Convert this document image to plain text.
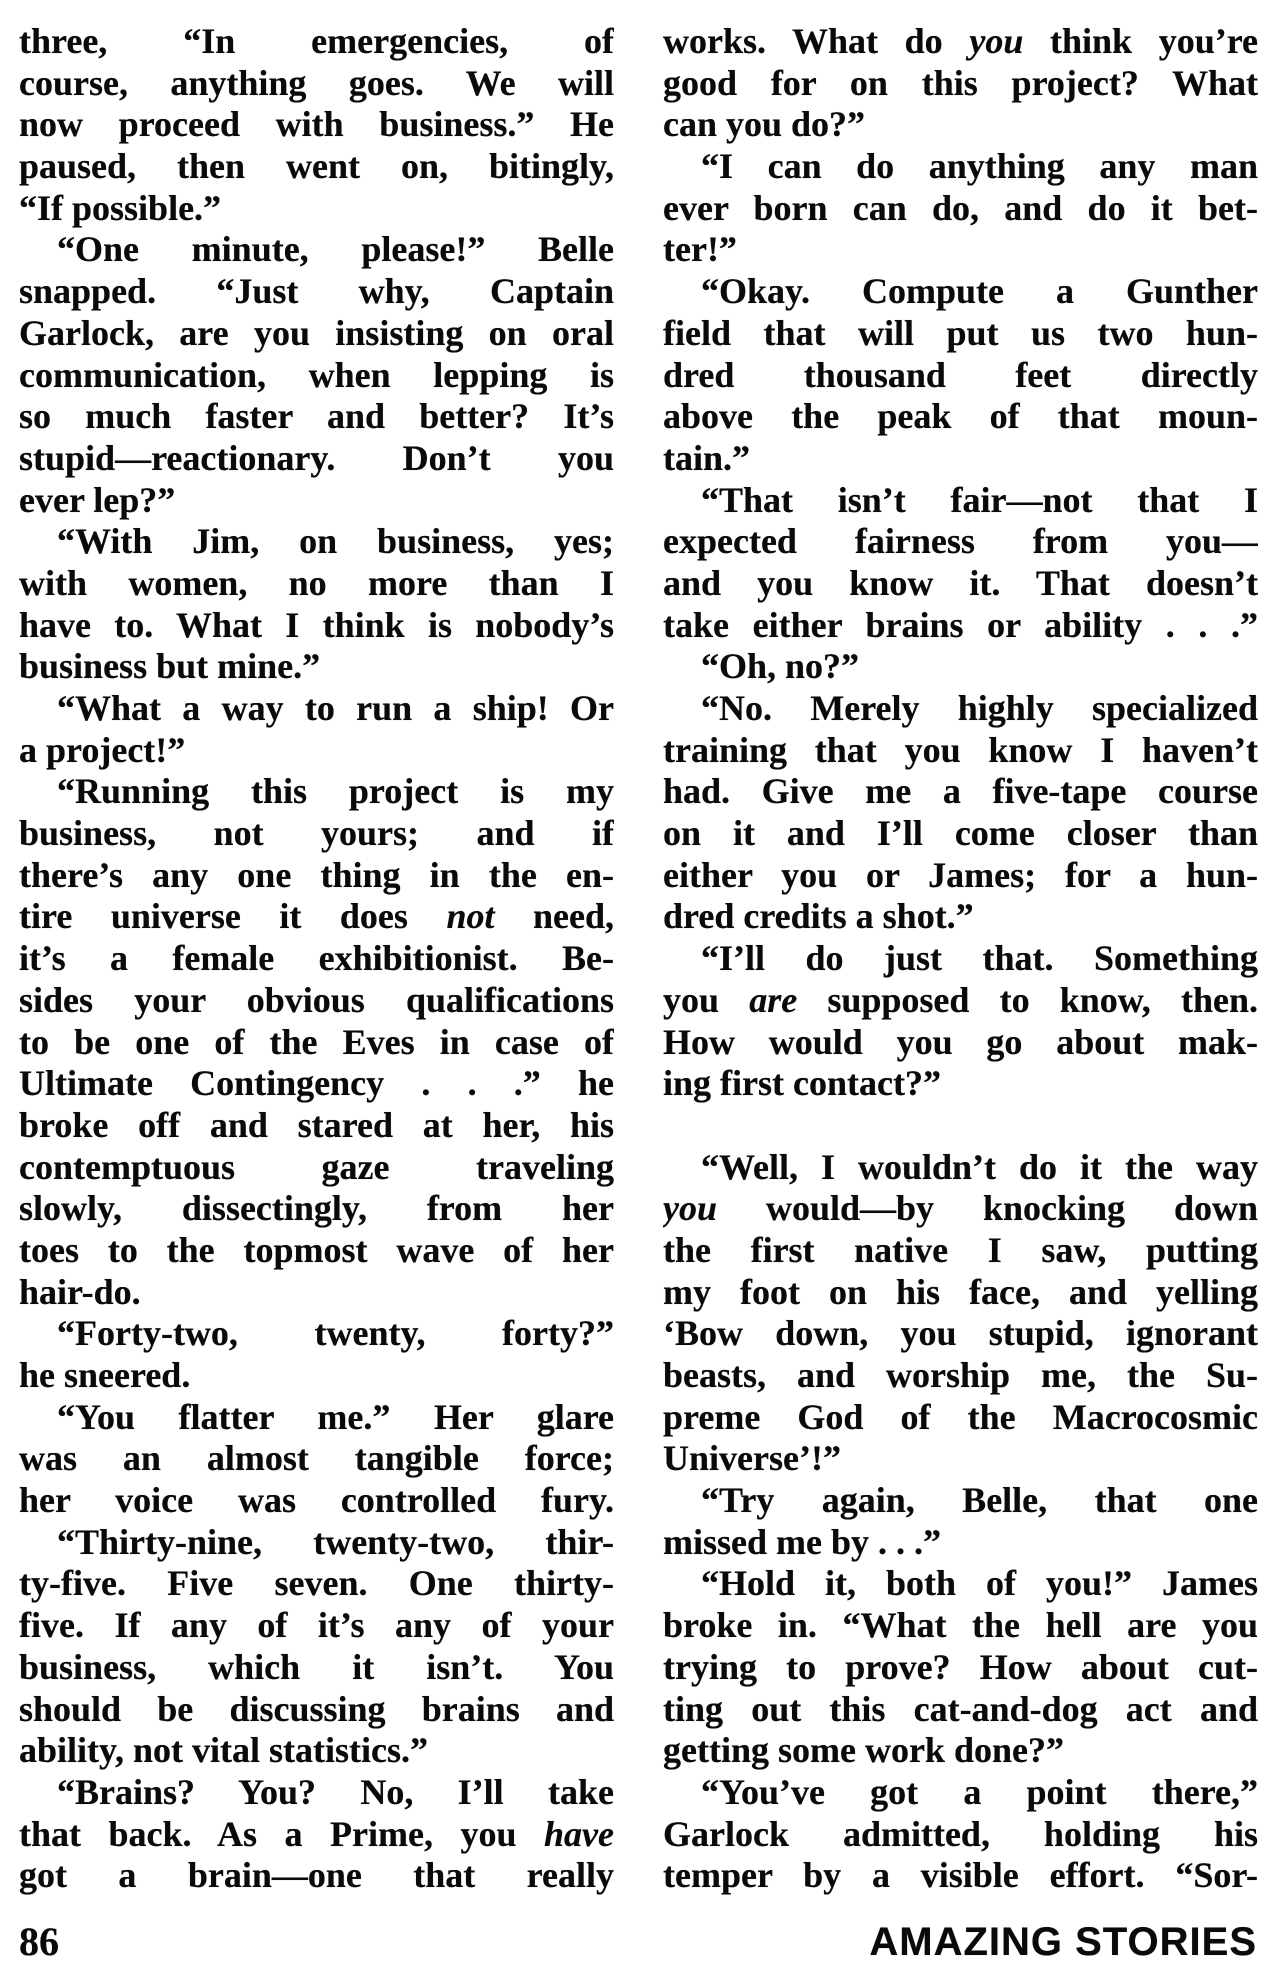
three, “In emergencies, of
course, anything goes. We will
now proceed with business.” He
paused, then went on, bitingly,
“If possible.”
“One minute, please!” Belle
snapped. “Just why, Captain
Garlock, are you insisting on oral
communication, when lepping is
so much faster and better? It’s
stupid—reactionary. Don’t you
ever lep?”
“With Jim, on business, yes;
with women, no more than I
have to. What I think is nobody’s
business but mine.”
“What a way to run a ship! Or
a project!”
“Running this project is my
business, not yours; and if
there’s any one thing in the en-
tire universe it does not need,
it’s a female exhibitionist. Be-
sides your obvious qualifications
to be one of the Eves in case of
Ultimate Contingency . . .” he
broke off and stared at her, his
contemptuous gaze traveling
slowly, dissectingly, from her
toes to the topmost wave of her
hair-do.
“Forty-two, twenty, forty?”
he sneered.
“You flatter me.” Her glare
was an almost tangible force;
her voice was controlled fury.
“Thirty-nine, twenty-two, thir-
ty-five. Five seven. One thirty-
five. If any of it’s any of your
business, which it isn’t. You
should be discussing brains and
ability, not vital statistics.”
“Brains? You? No, I’ll take
that back. As a Prime, you have
got a brain—one that really
works. What do you think you’re
good for on this project? What
can you do?”
“I can do anything any man
ever born can do, and do it bet-
ter!”
“Okay. Compute a Gunther
field that will put us two hun-
dred thousand feet directly
above the peak of that moun-
tain.”
“That isn’t fair—not that I
expected fairness from you—
and you know it. That doesn’t
take either brains or ability . . .”
“Oh, no?”
“No. Merely highly specialized
training that you know I haven’t
had. Give me a five-tape course
on it and I’ll come closer than
either you or James; for a hun-
dred credits a shot.”
“I’ll do just that. Something
you are supposed to know, then.
How would you go about mak-
ing first contact?”
“Well, I wouldn’t do it the way
you would—by knocking down
the first native I saw, putting
my foot on his face, and yelling
‘Bow down, you stupid, ignorant
beasts, and worship me, the Su-
preme God of the Macrocosmic
Universe’!”
“Try again, Belle, that one
missed me by . . .”
“Hold it, both of you!” James
broke in. “What the hell are you
trying to prove? How about cut-
ting out this cat-and-dog act and
getting some work done?”
“You’ve got a point there,”
Garlock admitted, holding his
temper by a visible effort. “Sor-
86	AMAZING STORIES
